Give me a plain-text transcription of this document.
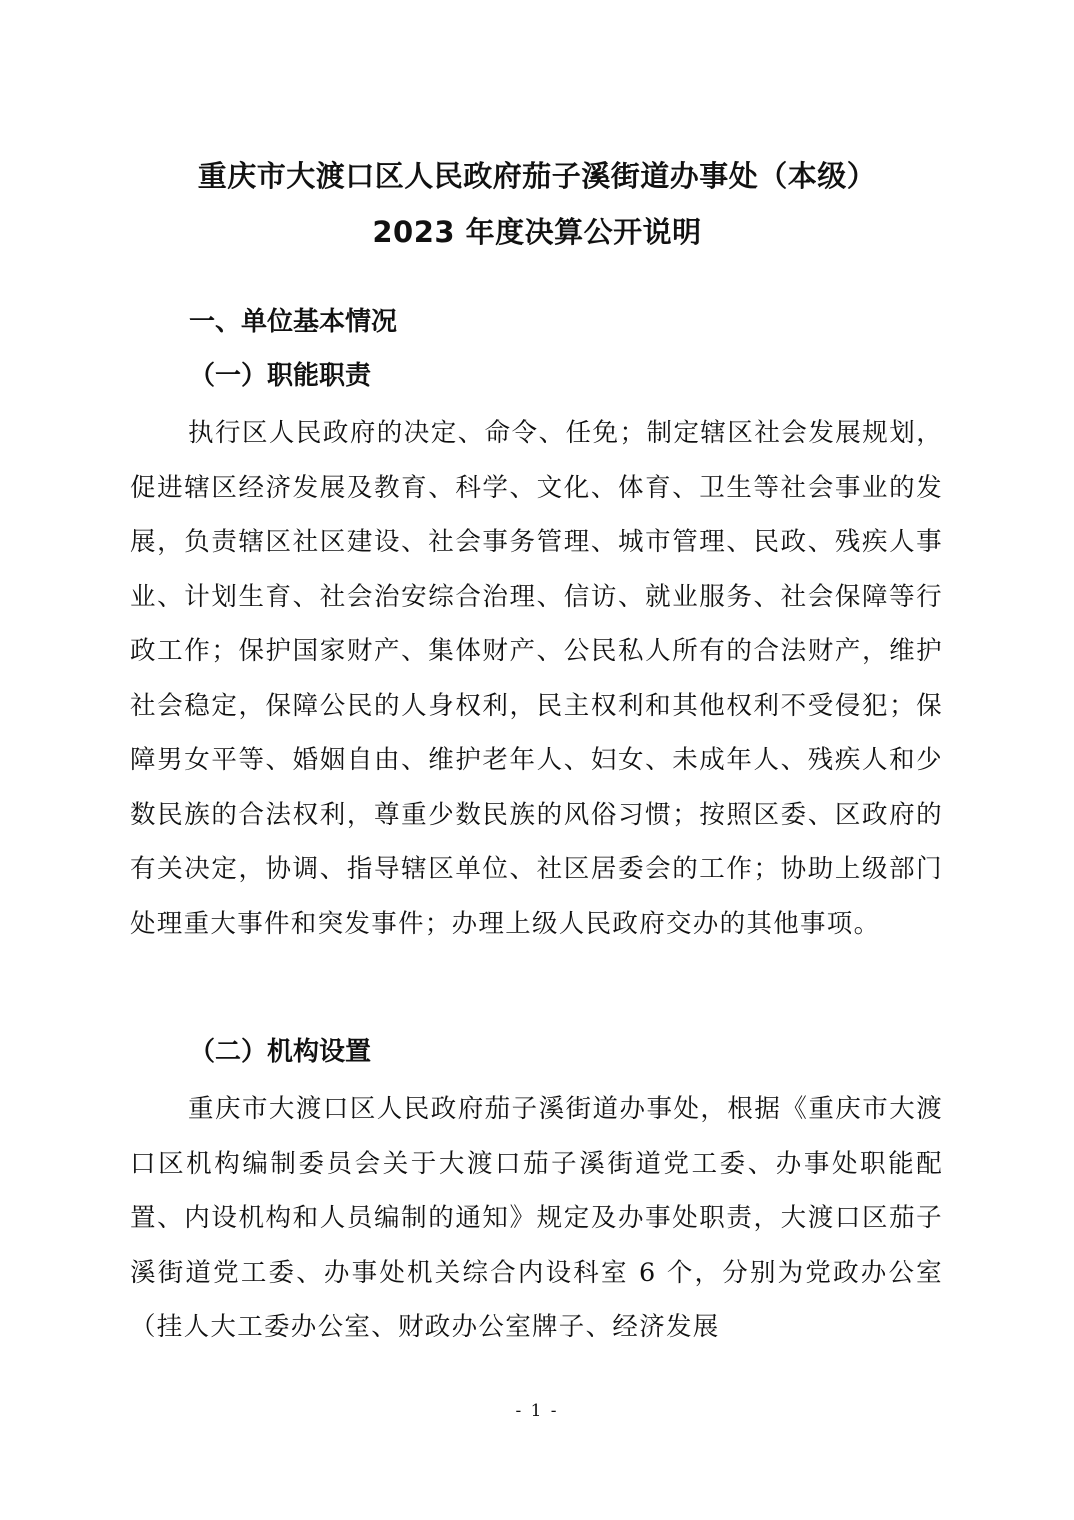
重庆市大渡口区人民政府茄子溪街道办事处（本级）
2023 年度决算公开说明
一、单位基本情况
（一）职能职责

执行区人民政府的决定、命令、任免；制定辖区社会发展规划，促进辖区经济发展及教育、科学、文化、体育、卫生等社会事业的发展，负责辖区社区建设、社会事务管理、城市管理、民政、残疾人事业、计划生育、社会治安综合治理、信访、就业服务、社会保障等行政工作；保护国家财产、集体财产、公民私人所有的合法财产，维护社会稳定，保障公民的人身权利，民主权利和其他权利不受侵犯；保障男女平等、婚姻自由、维护老年人、妇女、未成年人、残疾人和少数民族的合法权利，尊重少数民族的风俗习惯；按照区委、区政府的有关决定，协调、指导辖区单位、社区居委会的工作；协助上级部门处理重大事件和突发事件；办理上级人民政府交办的其他事项。

（二）机构设置

重庆市大渡口区人民政府茄子溪街道办事处，根据《重庆市大渡口区机构编制委员会关于大渡口茄子溪街道党工委、办事处职能配置、内设机构和人员编制的通知》规定及办事处职责，大渡口区茄子溪街道党工委、办事处机关综合内设科室 6 个，分别为党政办公室（挂人大工委办公室、财政办公室牌子、经济发展

- 1 -
